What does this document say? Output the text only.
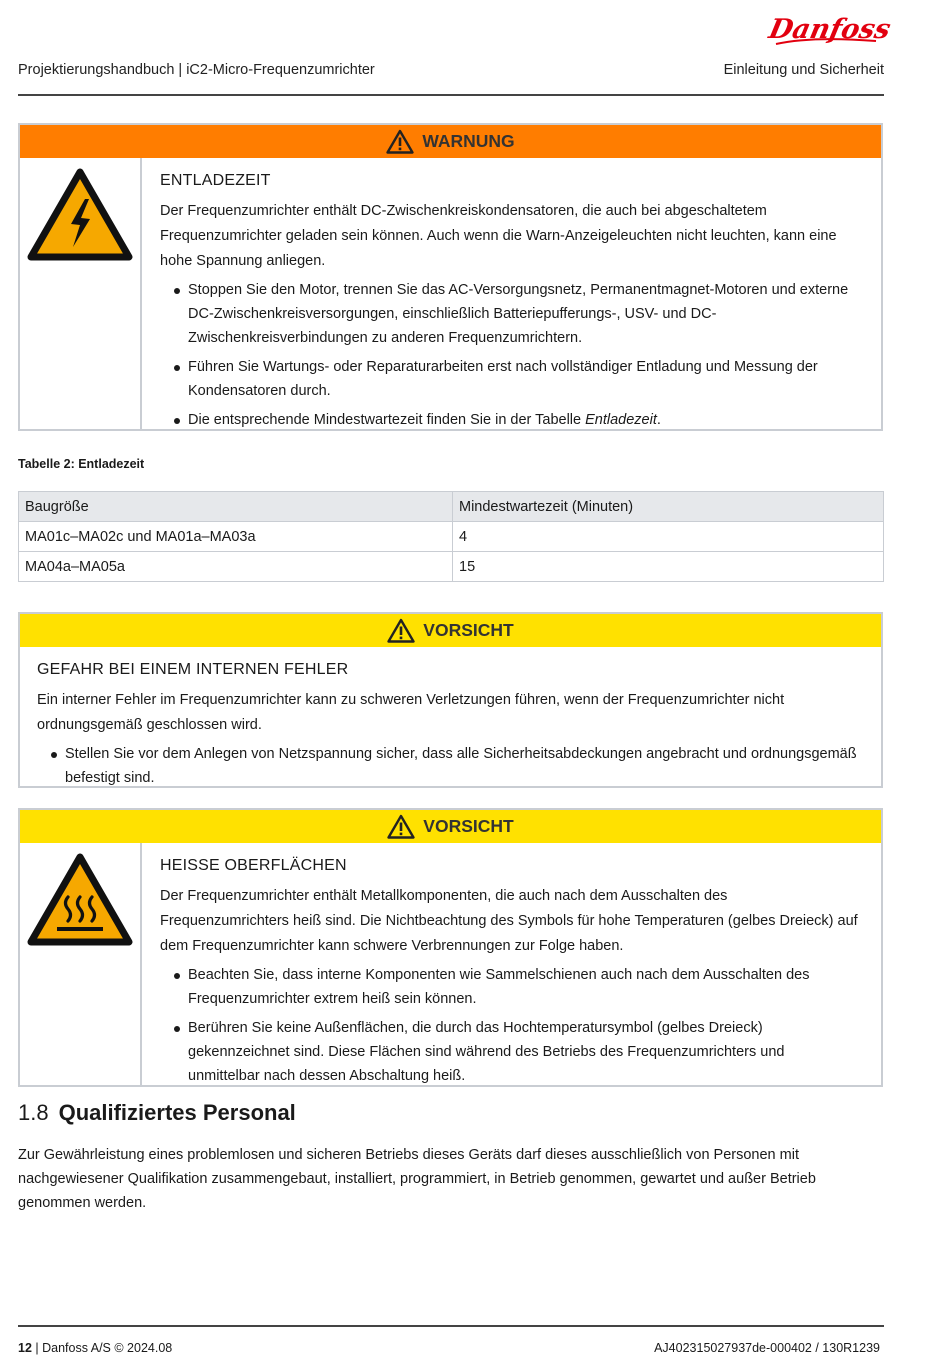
Danfoss
Projektierungshandbuch | iC2-Micro-Frequenzumrichter	Einleitung und Sicherheit
WARNUNG
ENTLADEZEIT
Der Frequenzumrichter enthält DC-Zwischenkreiskondensatoren, die auch bei abgeschaltetem Frequenzumrichter geladen sein können. Auch wenn die Warn-Anzeigeleuchten nicht leuchten, kann eine hohe Spannung anliegen.
Stoppen Sie den Motor, trennen Sie das AC-Versorgungsnetz, Permanentmagnet-Motoren und externe DC-Zwischenkreisversorgungen, einschließlich Batteriepufferungs-, USV- und DC-Zwischenkreisverbindungen zu anderen Frequenzumrichtern.
Führen Sie Wartungs- oder Reparaturarbeiten erst nach vollständiger Entladung und Messung der Kondensatoren durch.
Die entsprechende Mindestwartezeit finden Sie in der Tabelle Entladezeit.
Tabelle 2: Entladezeit
Baugröße	Mindestwartezeit (Minuten)
MA01c–MA02c und MA01a–MA03a	4
MA04a–MA05a	15
VORSICHT
GEFAHR BEI EINEM INTERNEN FEHLER
Ein interner Fehler im Frequenzumrichter kann zu schweren Verletzungen führen, wenn der Frequenzumrichter nicht ordnungsgemäß geschlossen wird.
Stellen Sie vor dem Anlegen von Netzspannung sicher, dass alle Sicherheitsabdeckungen angebracht und ordnungsgemäß befestigt sind.
VORSICHT
HEISSE OBERFLÄCHEN
Der Frequenzumrichter enthält Metallkomponenten, die auch nach dem Ausschalten des Frequenzumrichters heiß sind. Die Nichtbeachtung des Symbols für hohe Temperaturen (gelbes Dreieck) auf dem Frequenzumrichter kann schwere Verbrennungen zur Folge haben.
Beachten Sie, dass interne Komponenten wie Sammelschienen auch nach dem Ausschalten des Frequenzumrichter extrem heiß sein können.
Berühren Sie keine Außenflächen, die durch das Hochtemperatursymbol (gelbes Dreieck) gekennzeichnet sind. Diese Flächen sind während des Betriebs des Frequenzumrichters und unmittelbar nach dessen Abschaltung heiß.
1.8 Qualifiziertes Personal
Zur Gewährleistung eines problemlosen und sicheren Betriebs dieses Geräts darf dieses ausschließlich von Personen mit nachgewiesener Qualifikation zusammengebaut, installiert, programmiert, in Betrieb genommen, gewartet und außer Betrieb genommen werden.
12 | Danfoss A/S © 2024.08	AJ402315027937de-000402 / 130R1239
